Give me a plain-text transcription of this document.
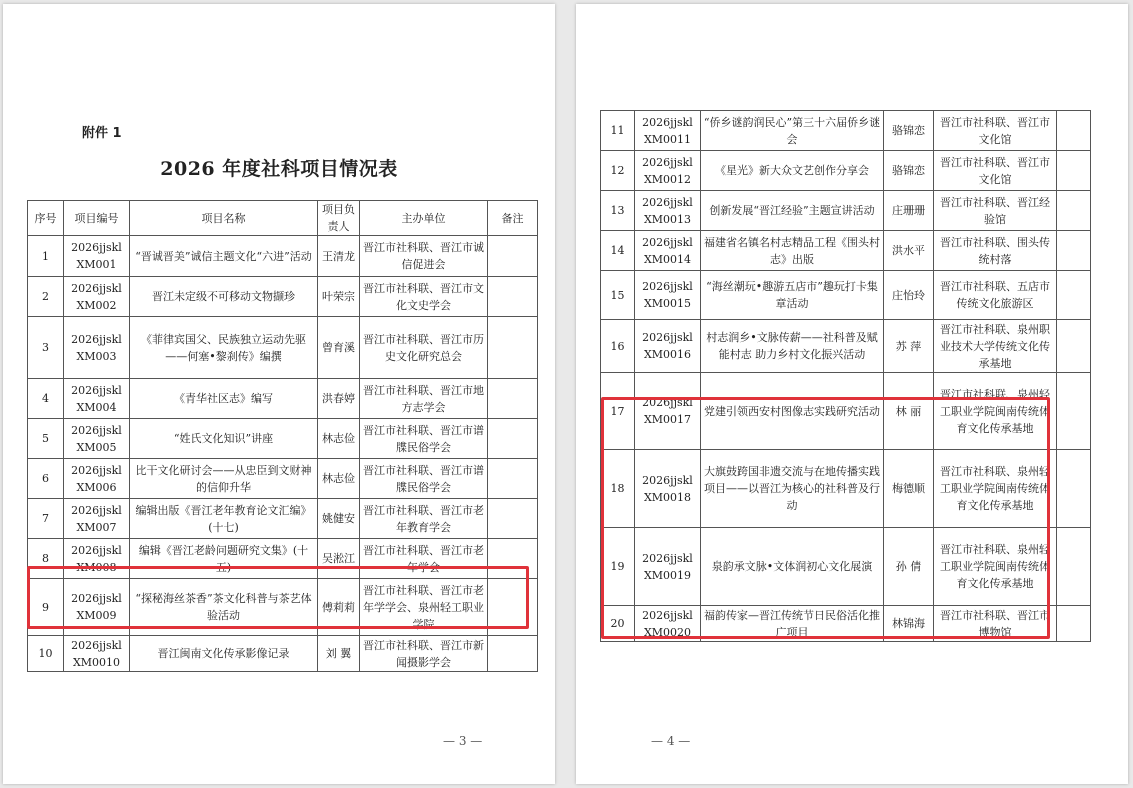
附件 1
2026 年度社科项目情况表
序号	项目编号	项目名称	项目负责人	主办单位	备注
1	2026jjskl
XM001	“晋诚晋美”诚信主题文化“六进”活动	王清龙	晋江市社科联、晋江市诚信促进会	
2	2026jjskl
XM002	晋江未定级不可移动文物撷珍	叶荣宗	晋江市社科联、晋江市文化文史学会	
3	2026jjskl
XM003	《菲律宾国父、民族独立运动先驱——何塞•黎刹传》编撰	曾育溪	晋江市社科联、晋江市历史文化研究总会	
4	2026jjskl
XM004	《青华社区志》编写	洪春婷	晋江市社科联、晋江市地方志学会	
5	2026jjskl
XM005	“姓氏文化知识”讲座	林志俭	晋江市社科联、晋江市谱牒民俗学会	
6	2026jjskl
XM006	比干文化研讨会——从忠臣到文财神的信仰升华	林志俭	晋江市社科联、晋江市谱牒民俗学会	
7	2026jjskl
XM007	编辑出版《晋江老年教育论文汇编》(十七)	姚健安	晋江市社科联、晋江市老年教育学会	
8	2026jjskl
XM008	编辑《晋江老龄问题研究文集》(十五)	吴淞江	晋江市社科联、晋江市老年学会	
9	2026jjskl
XM009	“探秘海丝茶香”茶文化科普与茶艺体验活动	傅莉莉	晋江市社科联、晋江市老年学学会、泉州轻工职业学院	
10	2026jjskl
XM0010	晋江闽南文化传承影像记录	刘 翼	晋江市社科联、晋江市新闻摄影学会	
— 3 —
11	2026jjskl
XM0011	“侨乡谜韵润民心”第三十六届侨乡谜会	骆锦恋	晋江市社科联、晋江市文化馆	
12	2026jjskl
XM0012	《星光》新大众文艺创作分享会	骆锦恋	晋江市社科联、晋江市文化馆	
13	2026jjskl
XM0013	创新发展“晋江经验”主题宣讲活动	庄珊珊	晋江市社科联、晋江经验馆	
14	2026jjskl
XM0014	福建省名镇名村志精品工程《围头村志》出版	洪水平	晋江市社科联、围头传统村落	
15	2026jjskl
XM0015	“海丝潮玩•趣游五店市”趣玩打卡集章活动	庄怡玲	晋江市社科联、五店市传统文化旅游区	
16	2026jjskl
XM0016	村志润乡•文脉传薪——社科普及赋能村志 助力乡村文化振兴活动	苏 萍	晋江市社科联、泉州职业技术大学传统文化传承基地	
17	2026jjskl
XM0017	党建引领西安村图像志实践研究活动	林 丽	晋江市社科联、泉州轻工职业学院闽南传统体育文化传承基地	
18	2026jjskl
XM0018	大旗鼓跨国非遗交流与在地传播实践项目——以晋江为核心的社科普及行动	梅德顺	晋江市社科联、泉州轻工职业学院闽南传统体育文化传承基地	
19	2026jjskl
XM0019	泉韵承文脉•文体润初心文化展演	孙 倩	晋江市社科联、泉州轻工职业学院闽南传统体育文化传承基地	
20	2026jjskl
XM0020	福韵传家—晋江传统节日民俗活化推广项目	林锦海	晋江市社科联、晋江市博物馆	
— 4 —
